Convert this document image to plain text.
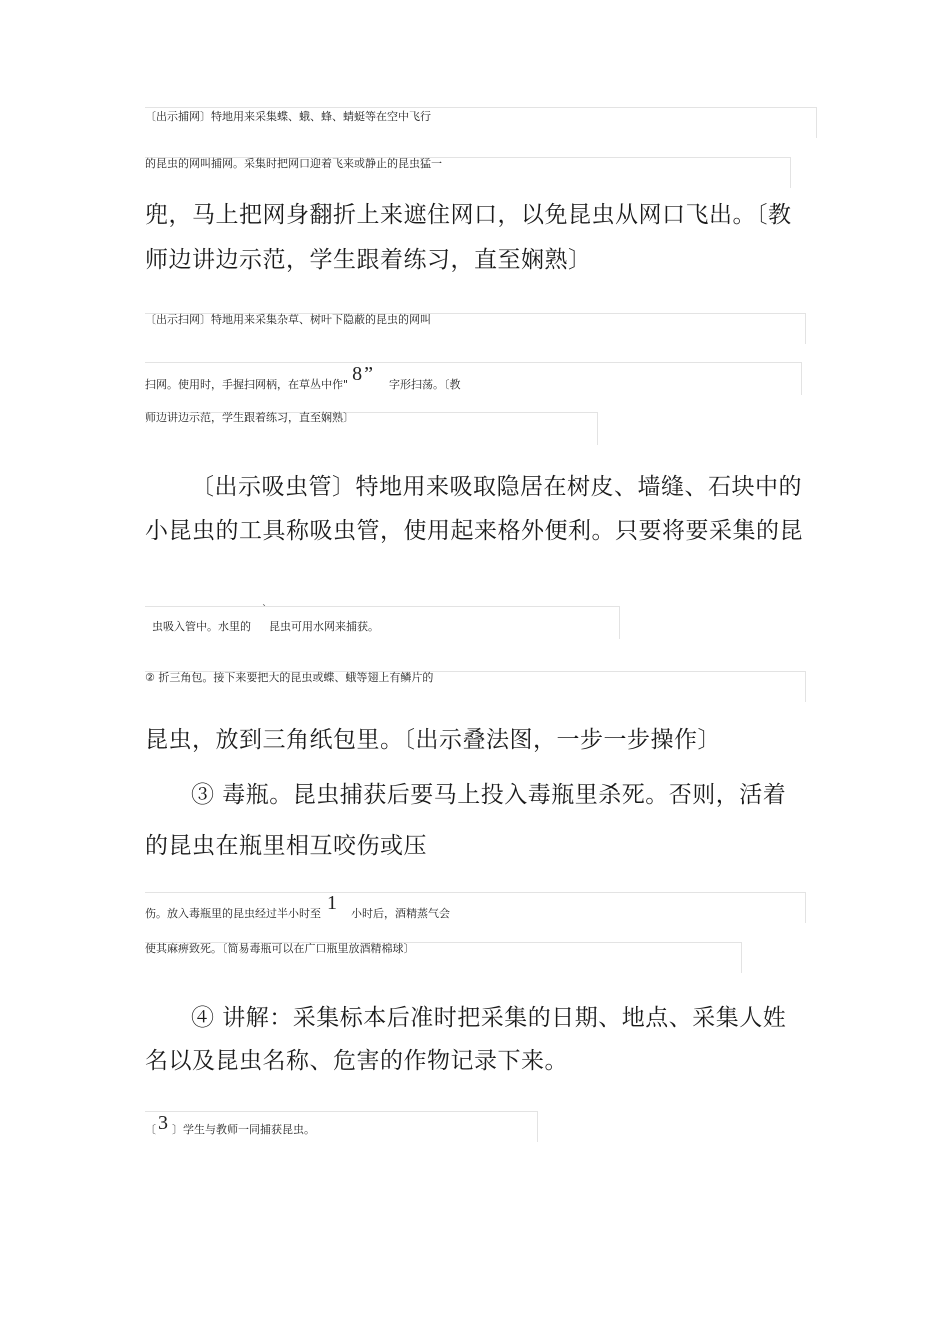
〔出示捕网〕特地用来采集蝶、蛾、蜂、蜻蜓等在空中飞行
的昆虫的网叫捕网。采集时把网口迎着飞来或静止的昆虫猛一
兜，马上把网身翻折上来遮住网口，以免昆虫从网口飞出。〔教
师边讲边示范，学生跟着练习，直至娴熟〕
〔出示扫网〕特地用来采集杂草、树叶下隐蔽的昆虫的网叫
扫网。使用时，手握扫网柄，在草丛中作" 8 ” 字形扫荡。〔教
师边讲边示范，学生跟着练习，直至娴熟〕
〔出示吸虫管〕特地用来吸取隐居在树皮、墙缝、石块中的
小昆虫的工具称吸虫管，使用起来格外便利。只要将要采集的昆
`
虫吸入管中。水里的 昆虫可用水网来捕获。
② 折三角包。接下来要把大的昆虫或蝶、蛾等翅上有鳞片的
昆虫，放到三角纸包里。〔出示叠法图，一步一步操作〕
③ 毒瓶。昆虫捕获后要马上投入毒瓶里杀死。否则，活着
的昆虫在瓶里相互咬伤或压
伤。放入毒瓶里的昆虫经过半小时至 1 小时后，酒精蒸气会
使其麻痹致死。〔简易毒瓶可以在广口瓶里放酒精棉球〕
④ 讲解：采集标本后准时把采集的日期、地点、采集人姓
名以及昆虫名称、危害的作物记录下来。
〔 3 〕学生与教师一同捕获昆虫。
